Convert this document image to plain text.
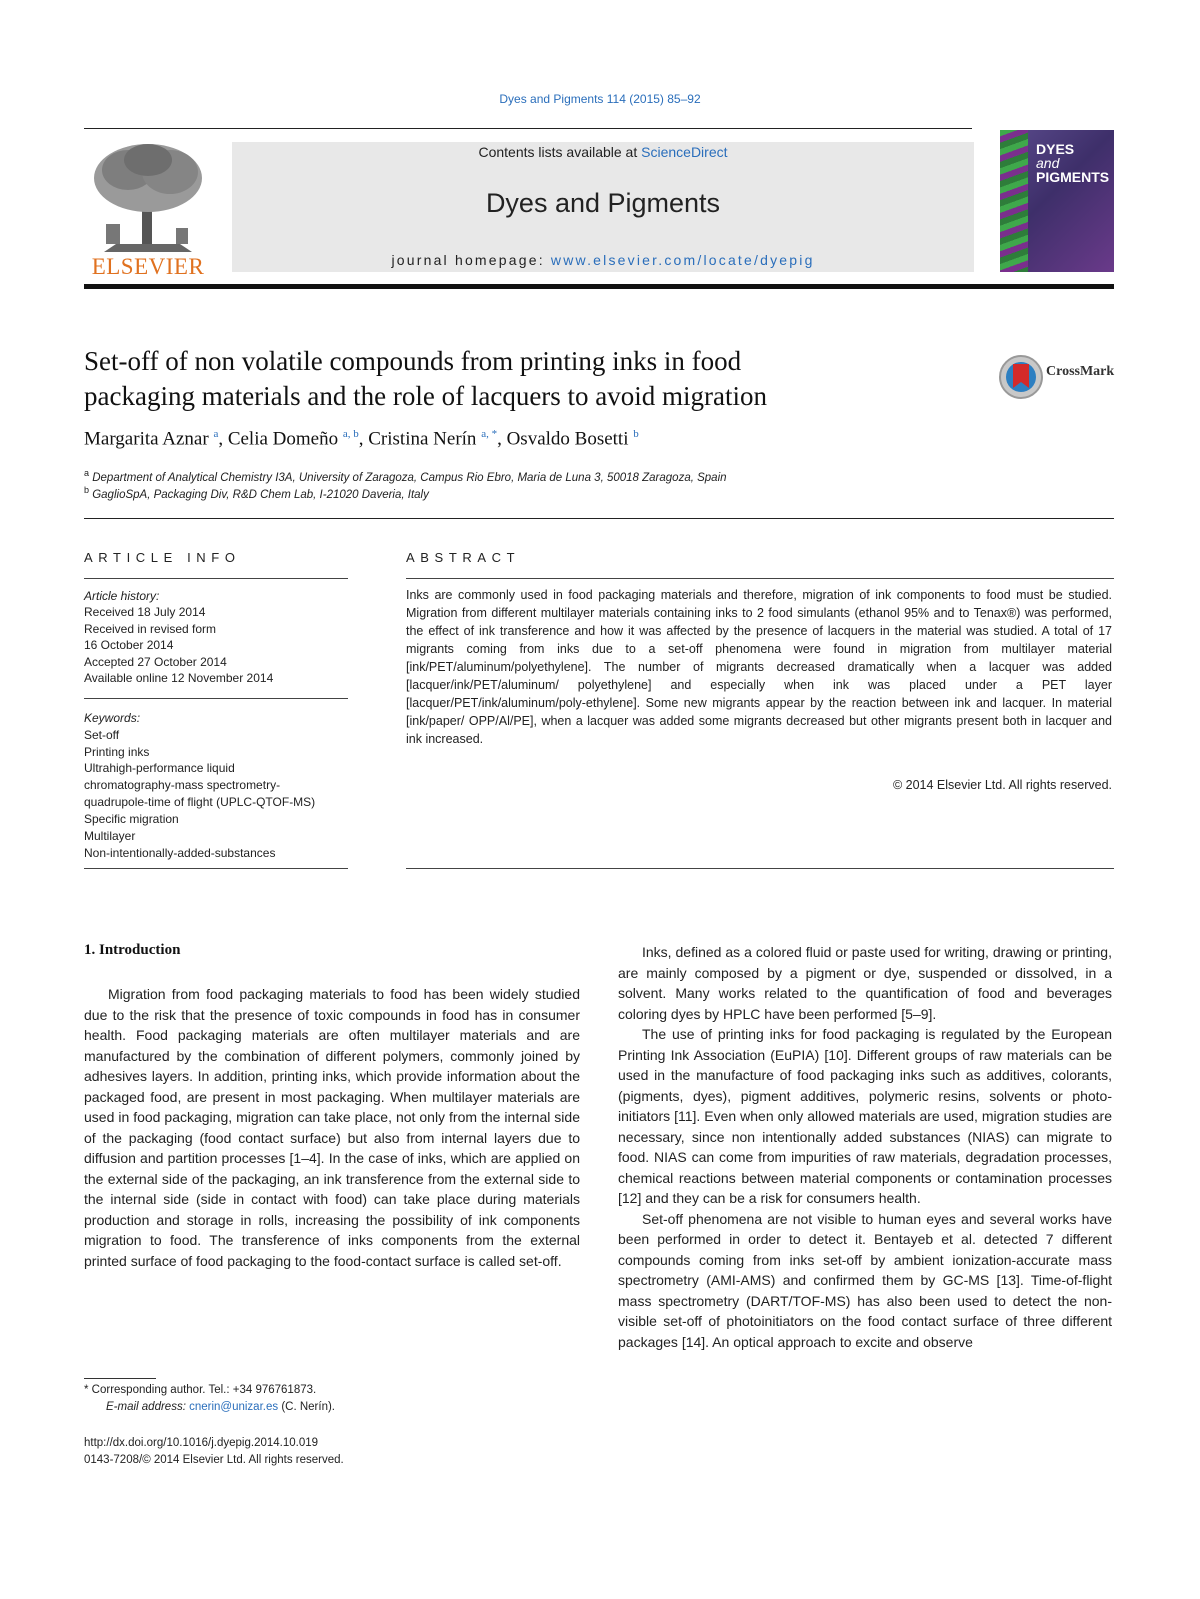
Dyes and Pigments 114 (2015) 85–92
ELSEVIER
Contents lists available at ScienceDirect
Dyes and Pigments
journal homepage: www.elsevier.com/locate/dyepig
DYES
and
PIGMENTS
Set-off of non volatile compounds from printing inks in food
packaging materials and the role of lacquers to avoid migration
CrossMark
Margarita Aznar $^a$, Celia Domeño $^{a, b}$, Cristina Nerín $^{a, *}$, Osvaldo Bosetti $^b$
$^a$ Department of Analytical Chemistry I3A, University of Zaragoza, Campus Rio Ebro, Maria de Luna 3, 50018 Zaragoza, Spain
$^b$ GaglioSpA, Packaging Div, R&D Chem Lab, I-21020 Daveria, Italy
ARTICLE INFO
Article history:
Received 18 July 2014
Received in revised form
16 October 2014
Accepted 27 October 2014
Available online 12 November 2014
Keywords:
Set-off
Printing inks
Ultrahigh-performance liquid
chromatography-mass spectrometry-
quadrupole-time of flight (UPLC-QTOF-MS)
Specific migration
Multilayer
Non-intentionally-added-substances
ABSTRACT
Inks are commonly used in food packaging materials and therefore, migration of ink components to food must be studied. Migration from different multilayer materials containing inks to 2 food simulants (ethanol 95% and to Tenax®) was performed, the effect of ink transference and how it was affected by the presence of lacquers in the material was studied. A total of 17 migrants coming from inks due to a set-off phenomena were found in migration from multilayer material [ink/PET/aluminum/polyethylene]. The number of migrants decreased dramatically when a lacquer was added [lacquer/ink/PET/aluminum/ polyethylene] and especially when ink was placed under a PET layer [lacquer/PET/ink/aluminum/poly-ethylene]. Some new migrants appear by the reaction between ink and lacquer. In material [ink/paper/ OPP/Al/PE], when a lacquer was added some migrants decreased but other migrants present both in lacquer and ink increased.
© 2014 Elsevier Ltd. All rights reserved.
1. Introduction

Migration from food packaging materials to food has been widely studied due to the risk that the presence of toxic compounds in food has in consumer health. Food packaging materials are often multilayer materials and are manufactured by the combination of different polymers, commonly joined by adhesives layers. In addition, printing inks, which provide information about the packaged food, are present in most packaging. When multilayer materials are used in food packaging, migration can take place, not only from the internal side of the packaging (food contact surface) but also from internal layers due to diffusion and partition processes [1–4]. In the case of inks, which are applied on the external side of the packaging, an ink transference from the external side to the internal side (side in contact with food) can take place during materials production and storage in rolls, increasing the possibility of ink components migration to food. The transference of inks components from the external printed surface of food packaging to the food-contact surface is called set-off.

Inks, defined as a colored fluid or paste used for writing, drawing or printing, are mainly composed by a pigment or dye, suspended or dissolved, in a solvent. Many works related to the quantification of food and beverages coloring dyes by HPLC have been performed [5–9].

The use of printing inks for food packaging is regulated by the European Printing Ink Association (EuPIA) [10]. Different groups of raw materials can be used in the manufacture of food packaging inks such as additives, colorants, (pigments, dyes), pigment additives, polymeric resins, solvents or photo-initiators [11]. Even when only allowed materials are used, migration studies are necessary, since non intentionally added substances (NIAS) can migrate to food. NIAS can come from impurities of raw materials, degradation processes, chemical reactions between material components or contamination processes [12] and they can be a risk for consumers health.

Set-off phenomena are not visible to human eyes and several works have been performed in order to detect it. Bentayeb et al. detected 7 different compounds coming from inks set-off by ambient ionization-accurate mass spectrometry (AMI-AMS) and confirmed them by GC-MS [13]. Time-of-flight mass spectrometry (DART/TOF-MS) has also been used to detect the non-visible set-off of photoinitiators on the food contact surface of three different packages [14]. An optical approach to excite and observe

* Corresponding author. Tel.: +34 976761873.
E-mail address: cnerin@unizar.es (C. Nerín).
http://dx.doi.org/10.1016/j.dyepig.2014.10.019
0143-7208/© 2014 Elsevier Ltd. All rights reserved.
